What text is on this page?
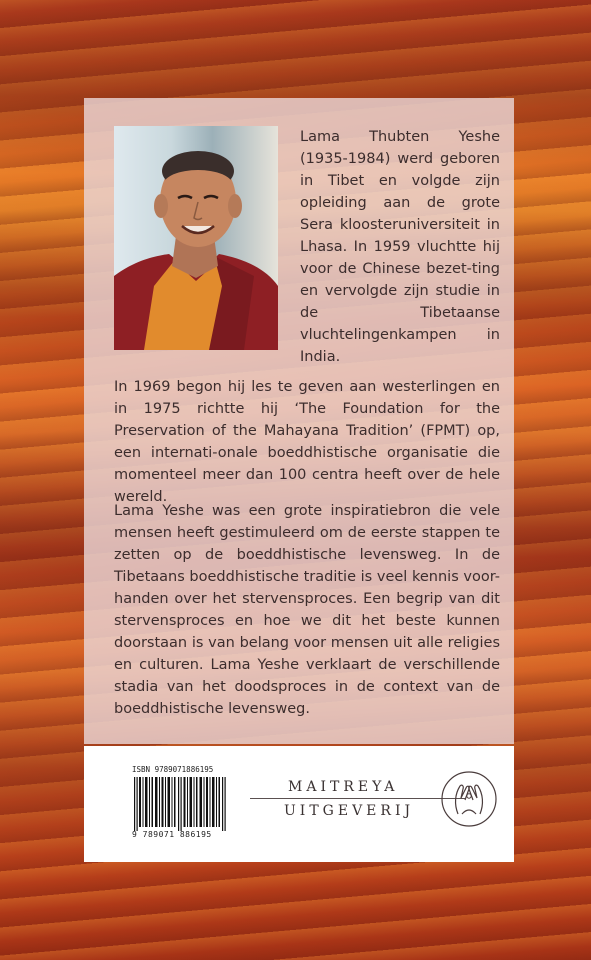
Lama Thubten Yeshe (1935-1984) werd geboren in Tibet en volgde zijn opleiding aan de grote Sera kloosteruniversiteit in Lhasa. In 1959 vluchtte hij voor de Chinese bezet-ting en vervolgde zijn studie in de Tibetaanse vluchtelingenkampen in India.

In 1969 begon hij les te geven aan westerlingen en in 1975 richtte hij ‘The Foundation for the Preservation of the Mahayana Tradition’ (FPMT) op, een internati-onale boeddhistische organisatie die momenteel meer dan 100 centra heeft over de hele wereld.

Lama Yeshe was een grote inspiratiebron die vele mensen heeft gestimuleerd om de eerste stappen te zetten op de boeddhistische levensweg. In de Tibetaans boeddhistische traditie is veel kennis voor-handen over het stervensproces. Een begrip van dit stervensproces en hoe we dit het beste kunnen doorstaan is van belang voor mensen uit alle religies en culturen. Lama Yeshe verklaart de verschillende stadia van het doodsproces in de context van de boeddhistische levensweg.

ISBN 9789071886195
9 789071 886195
MAITREYA
UITGEVERIJ
